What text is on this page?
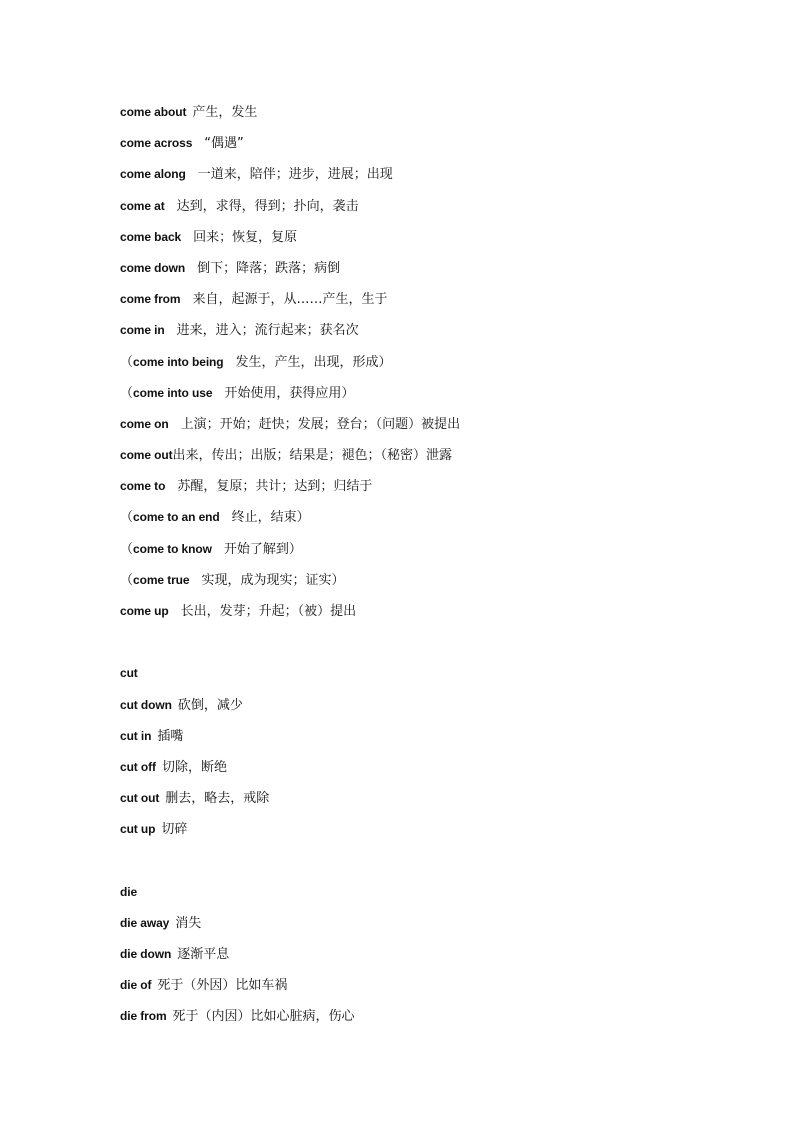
come about 产生，发生
come across “偶遇”
come along 一道来，陪伴；进步，进展；出现
come at 达到，求得，得到；扑向，袭击
come back 回来；恢复，复原
come down 倒下；降落；跌落；病倒
come from 来自，起源于，从……产生，生于
come in 进来，进入；流行起来；获名次
（come into being 发生，产生，出现，形成）
（come into use 开始使用，获得应用）
come on 上演；开始；赶快；发展；登台；（问题）被提出
come out出来，传出；出版；结果是；褪色；（秘密）泄露
come to 苏醒，复原；共计；达到；归结于
（come to an end 终止，结束）
（come to know 开始了解到）
（come true 实现，成为现实；证实）
come up 长出，发芽；升起；（被）提出
cut
cut down 砍倒，减少
cut in 插嘴
cut off 切除，断绝
cut out 删去，略去，戒除
cut up 切碎
die
die away 消失
die down 逐渐平息
die of 死于（外因）比如车祸
die from 死于（内因）比如心脏病，伤心
